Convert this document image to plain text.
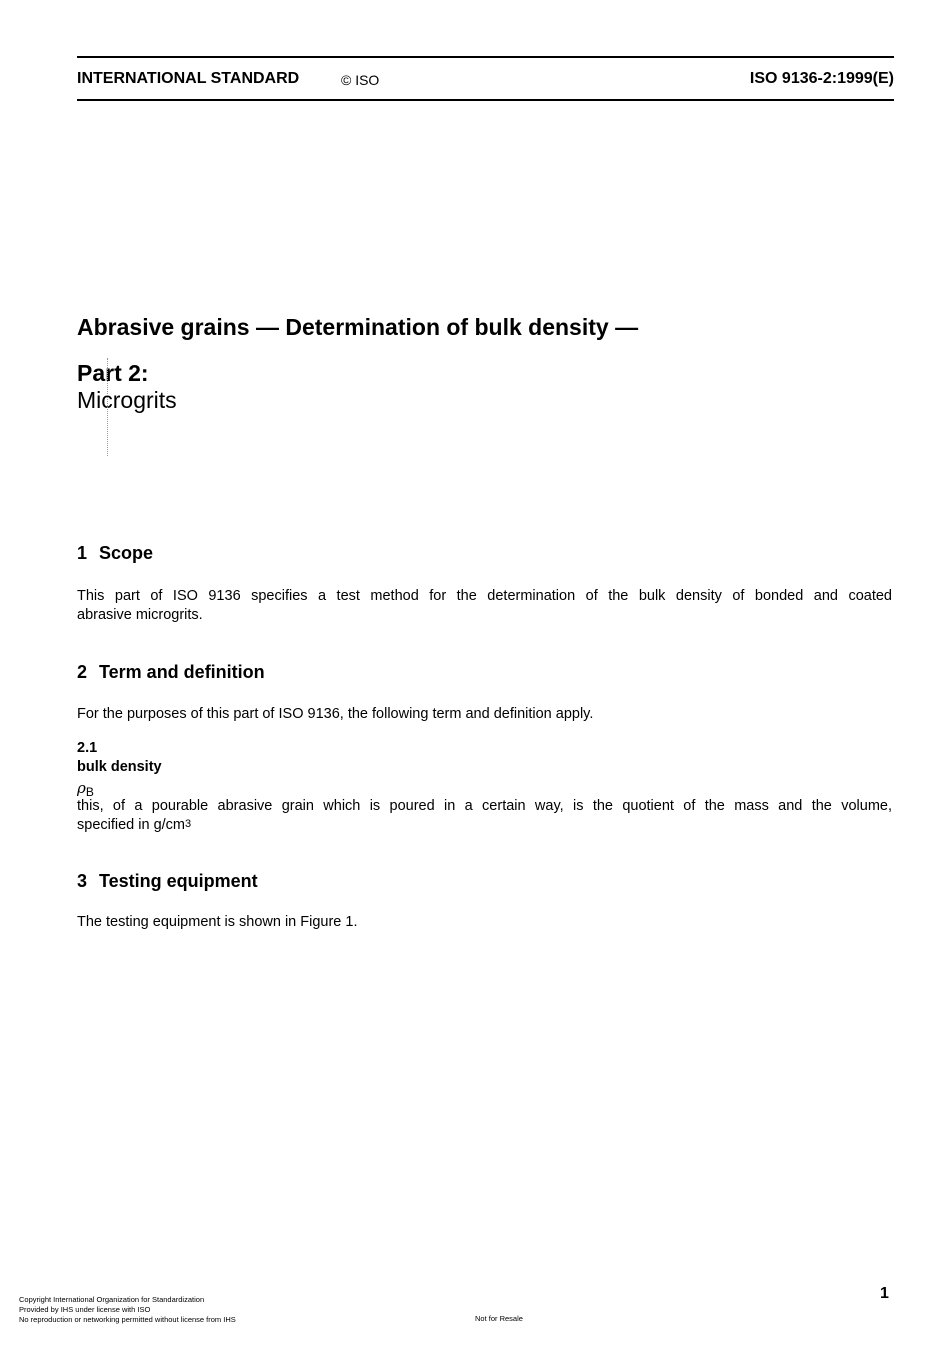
INTERNATIONAL STANDARD	© ISO	ISO 9136-2:1999(E)
Abrasive grains — Determination of bulk density —
Part 2:
Microgrits
1 Scope
This part of ISO 9136 specifies a test method for the determination of the bulk density of bonded and coated
abrasive microgrits.
2 Term and definition
For the purposes of this part of ISO 9136, the following term and definition apply.
2.1
bulk density
$\rho_B$
this, of a pourable abrasive grain which is poured in a certain way, is the quotient of the mass and the volume,
specified in $g/cm^3$
3 Testing equipment
The testing equipment is shown in Figure 1.
1
Copyright International Organization for Standardization
Provided by IHS under license with ISO
No reproduction or networking permitted without license from IHS	Not for Resale
